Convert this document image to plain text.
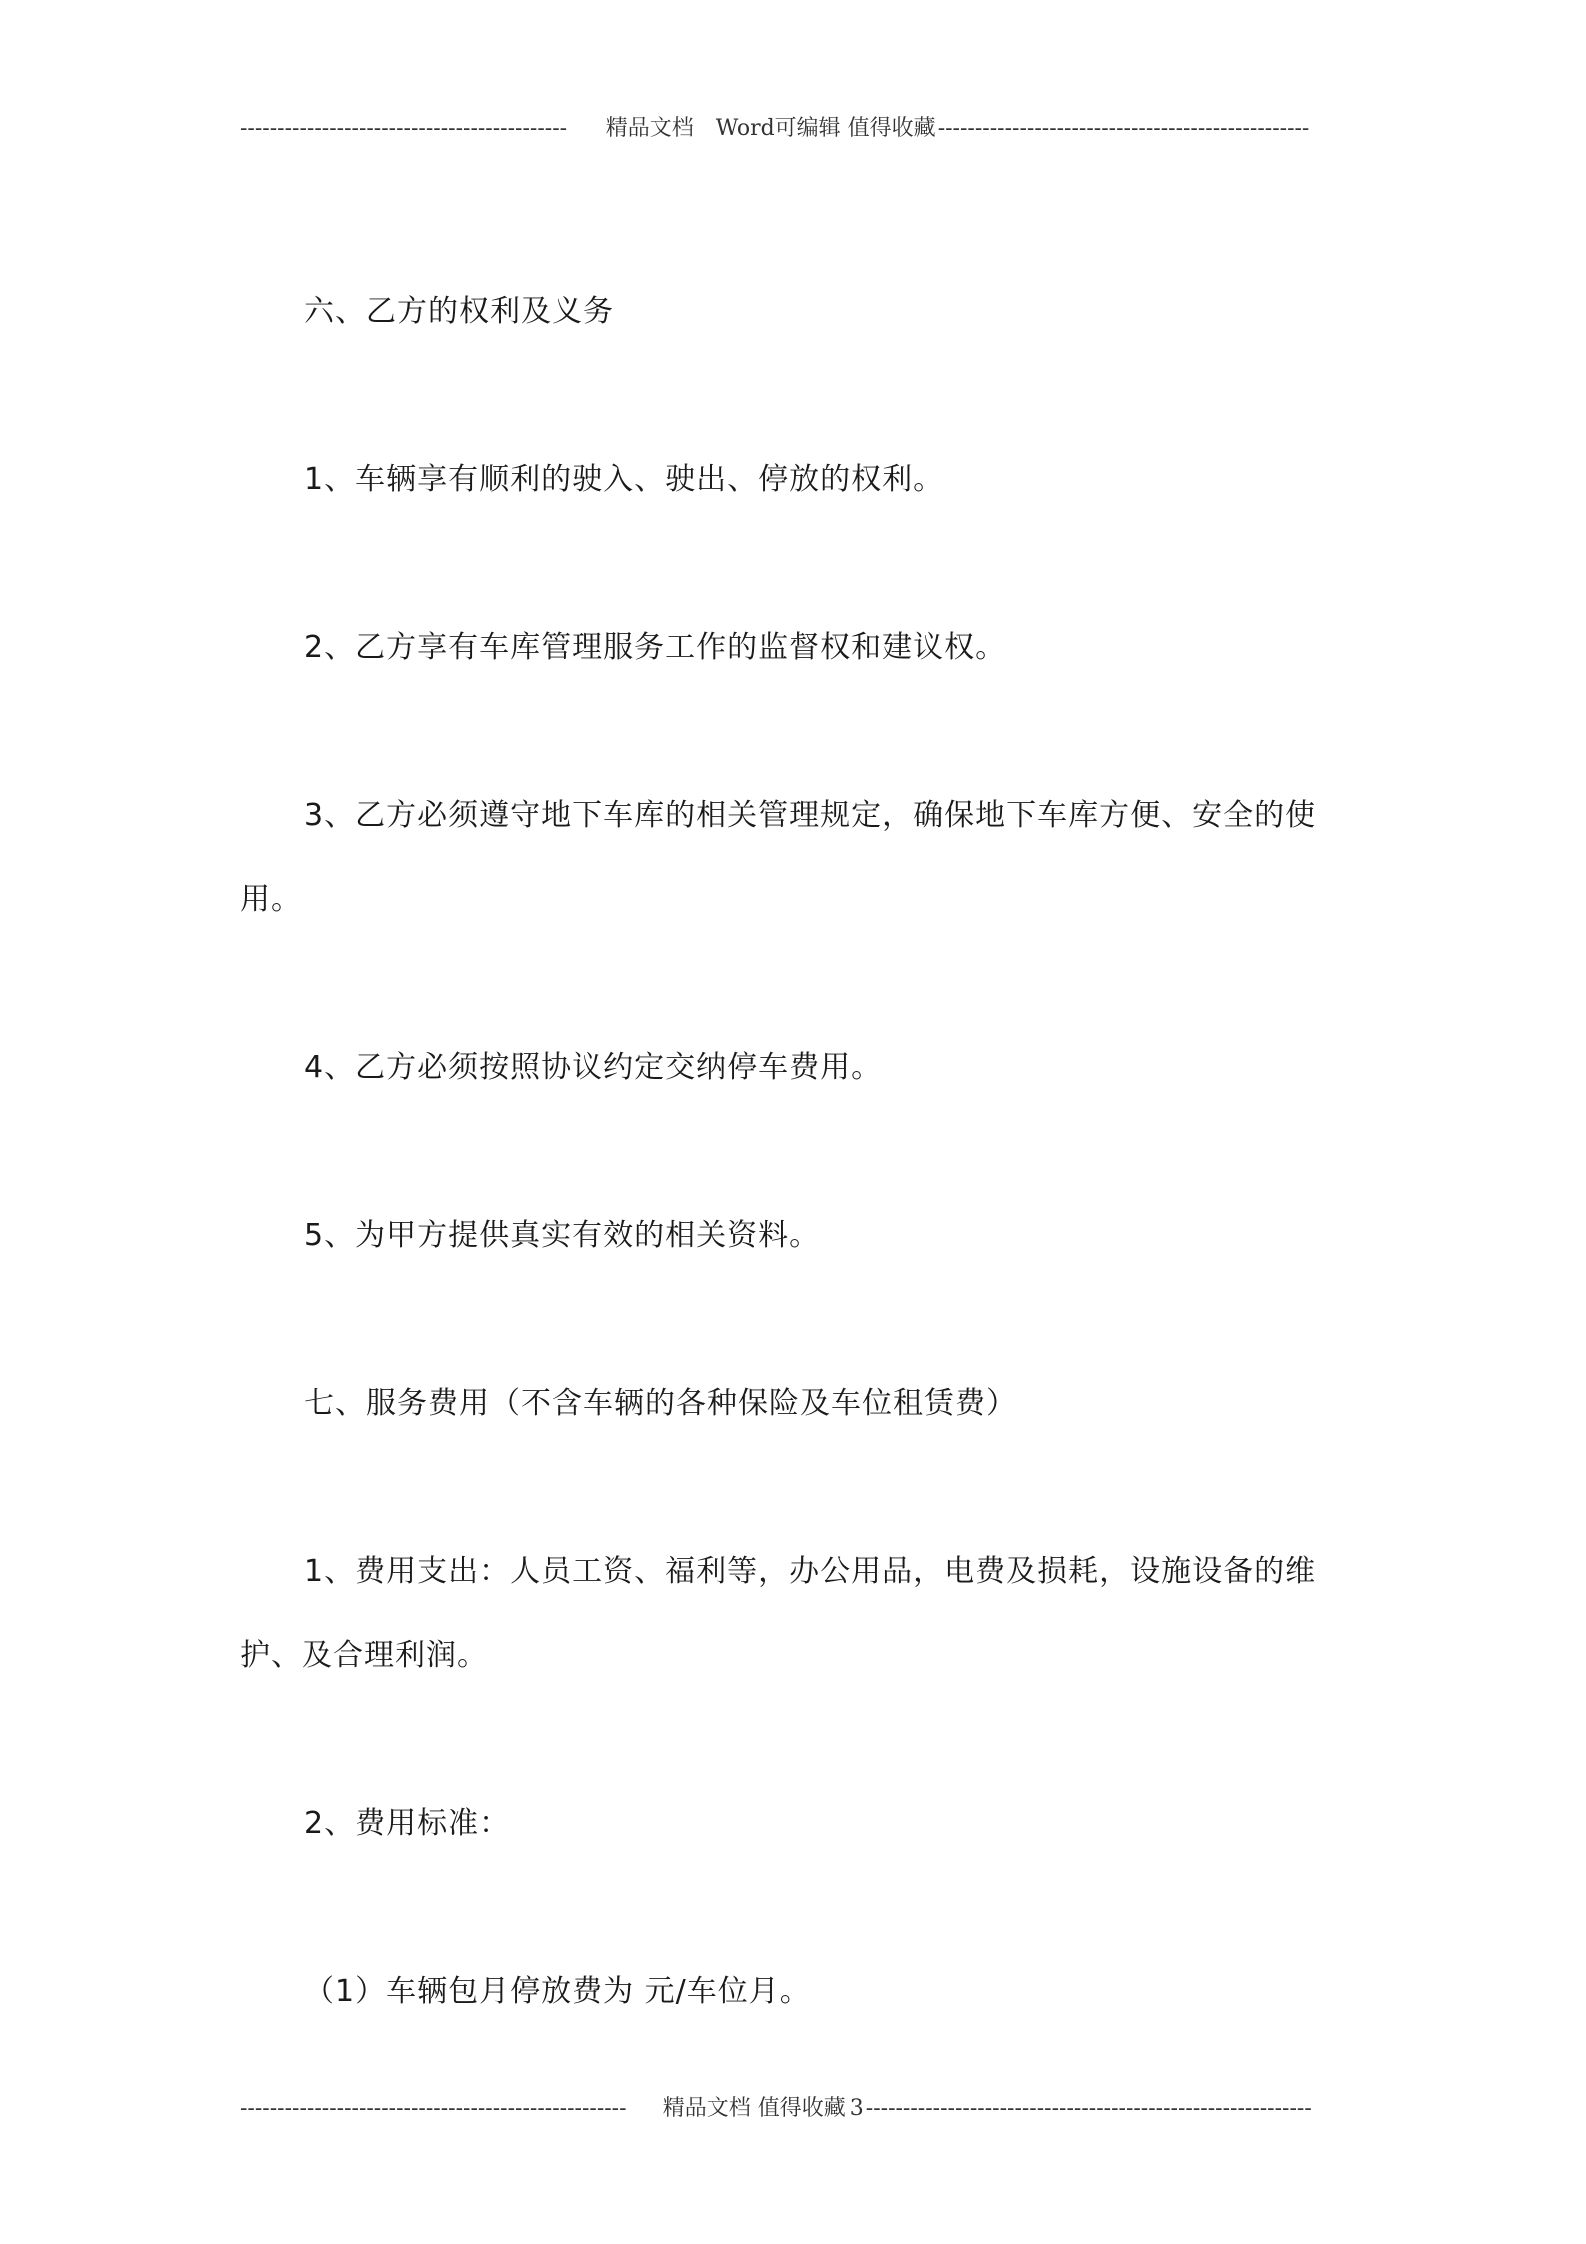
--------------------------------------------	精品文档　Word可编辑 值得收藏 --------------------------------------------------

六、乙方的权利及义务

1、车辆享有顺利的驶入、驶出、停放的权利。

2、乙方享有车库管理服务工作的监督权和建议权。

3、乙方必须遵守地下车库的相关管理规定，确保地下车库方便、安全的使用。

4、乙方必须按照协议约定交纳停车费用。

5、为甲方提供真实有效的相关资料。

七、服务费用（不含车辆的各种保险及车位租赁费）

1、费用支出：人员工资、福利等，办公用品，电费及损耗，设施设备的维护、及合理利润。

2、费用标准：

（1）车辆包月停放费为 元/车位月。

----------------------------------------------------	精品文档 值得收藏 3 ------------------------------------------------------------
